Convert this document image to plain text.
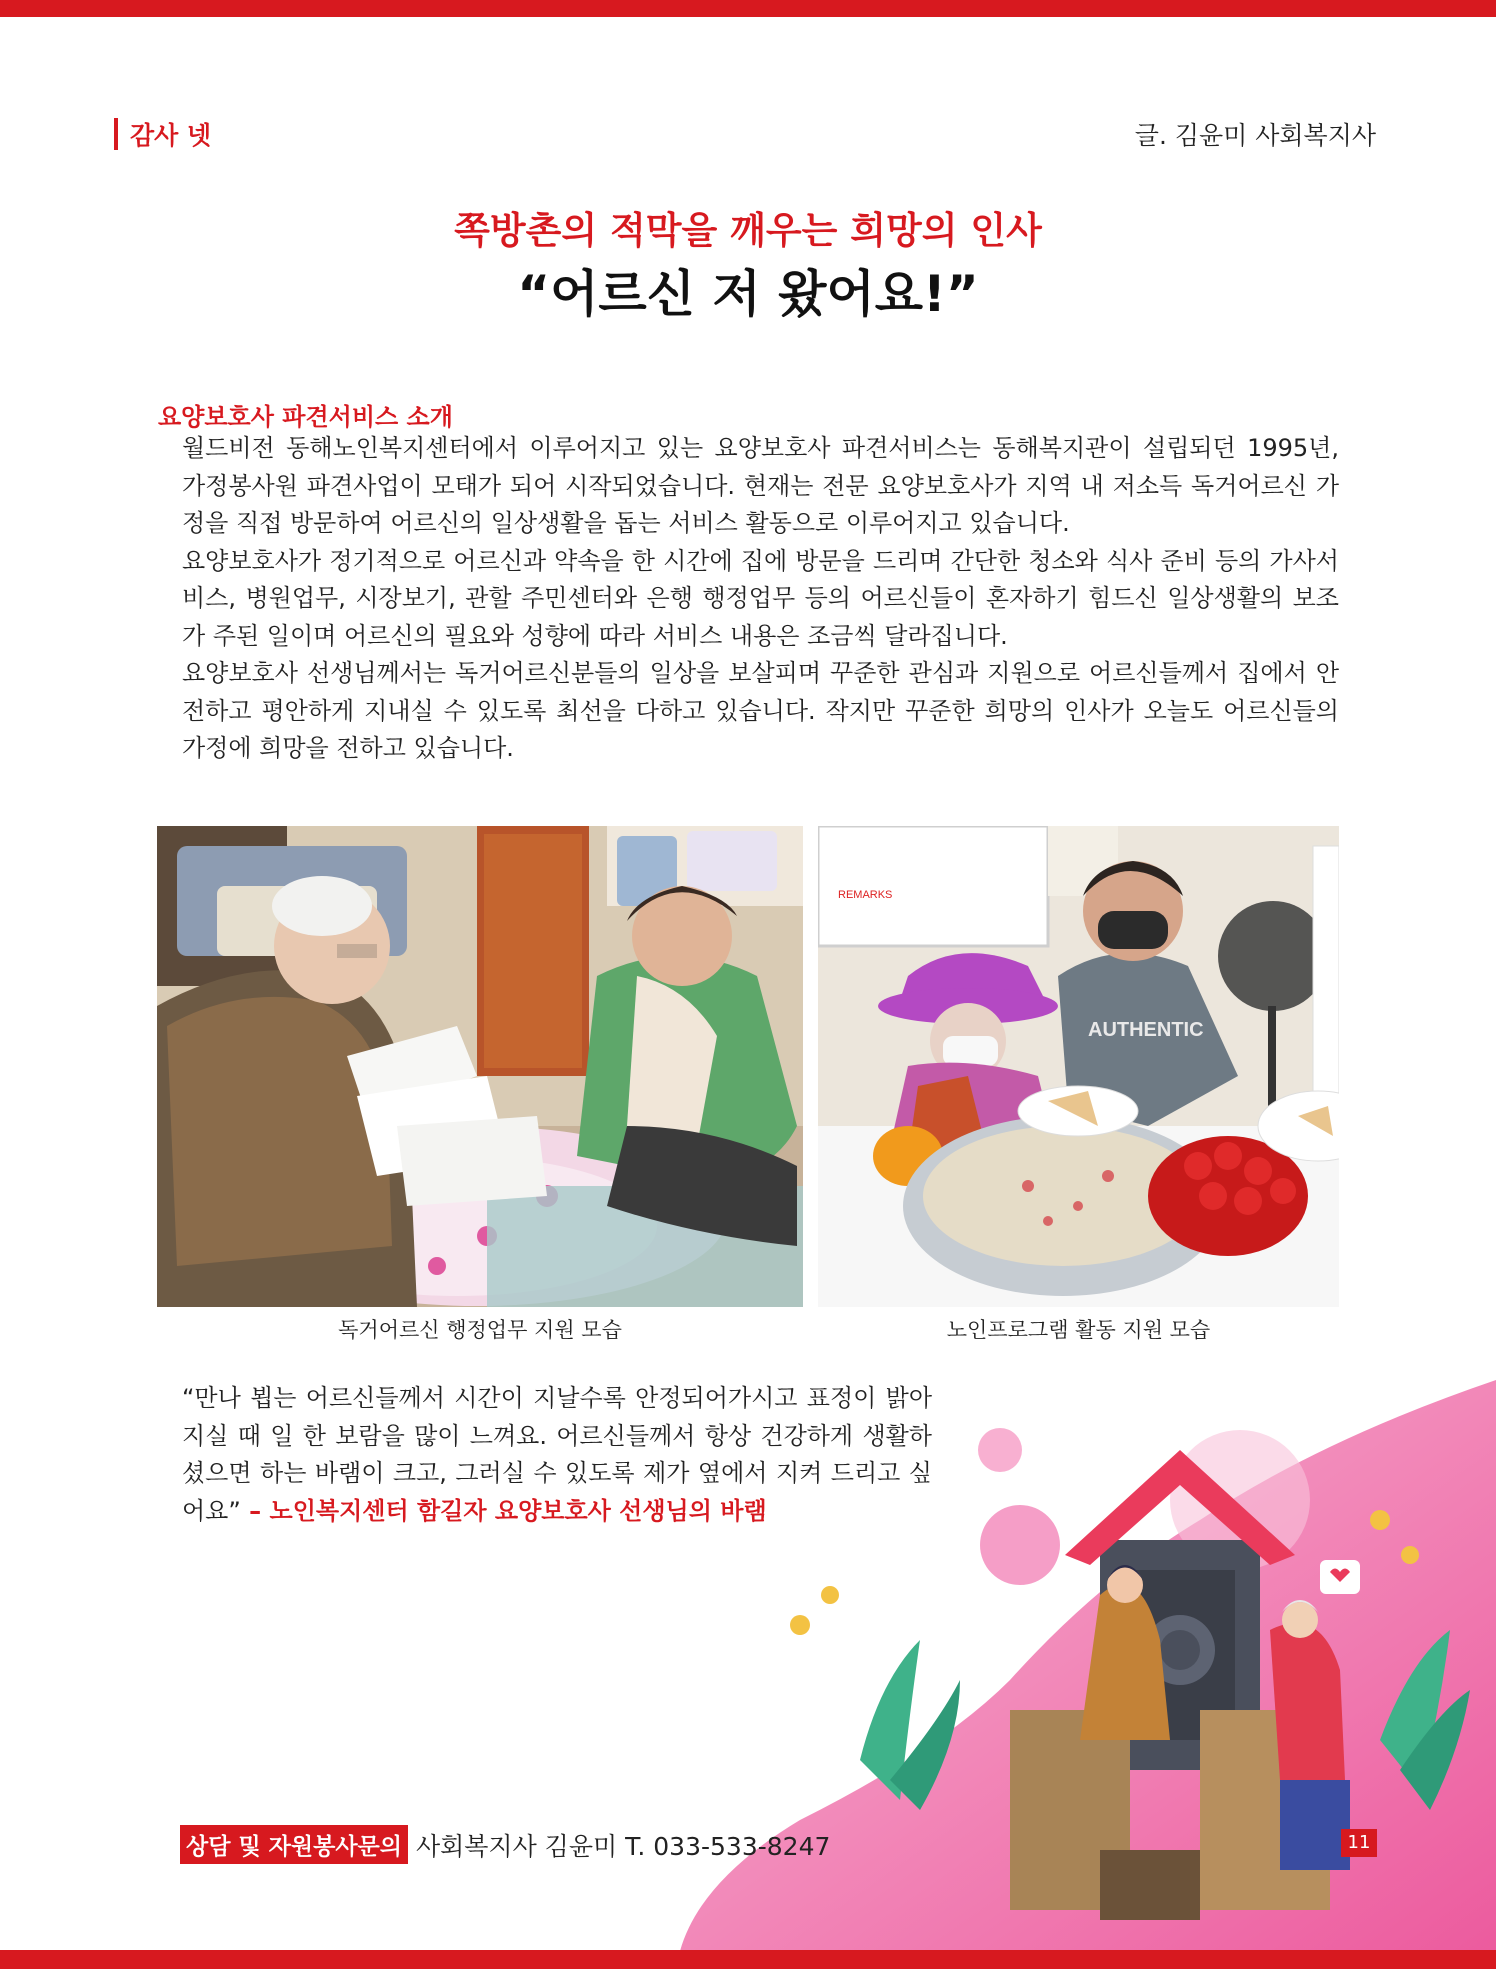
감사 넷	글. 김윤미 사회복지사
쪽방촌의 적막을 깨우는 희망의 인사
“어르신 저 왔어요!”
요양보호사 파견서비스 소개

월드비전 동해노인복지센터에서 이루어지고 있는 요양보호사 파견서비스는 동해복지관이 설립되던 1995년, 가정봉사원 파견사업이 모태가 되어 시작되었습니다. 현재는 전문 요양보호사가 지역 내 저소득 독거어르신 가정을 직접 방문하여 어르신의 일상생활을 돕는 서비스 활동으로 이루어지고 있습니다.

요양보호사가 정기적으로 어르신과 약속을 한 시간에 집에 방문을 드리며 간단한 청소와 식사 준비 등의 가사서비스, 병원업무, 시장보기, 관할 주민센터와 은행 행정업무 등의 어르신들이 혼자하기 힘드신 일상생활의 보조가 주된 일이며 어르신의 필요와 성향에 따라 서비스 내용은 조금씩 달라집니다.

요양보호사 선생님께서는 독거어르신분들의 일상을 보살피며 꾸준한 관심과 지원으로 어르신들께서 집에서 안전하고 평안하게 지내실 수 있도록 최선을 다하고 있습니다. 작지만 꾸준한 희망의 인사가 오늘도 어르신들의 가정에 희망을 전하고 있습니다.

REMARKS
AUTHENTIC
독거어르신 행정업무 지원 모습	노인프로그램 활동 지원 모습
“만나 뵙는 어르신들께서 시간이 지날수록 안정되어가시고 표정이 밝아지실 때 일 한 보람을 많이 느껴요. 어르신들께서 항상 건강하게 생활하셨으면 하는 바램이 크고, 그러실 수 있도록 제가 옆에서 지켜 드리고 싶어요” – 노인복지센터 함길자 요양보호사 선생님의 바램
상담 및 자원봉사문의 사회복지사 김윤미 T. 033-533-8247	11
